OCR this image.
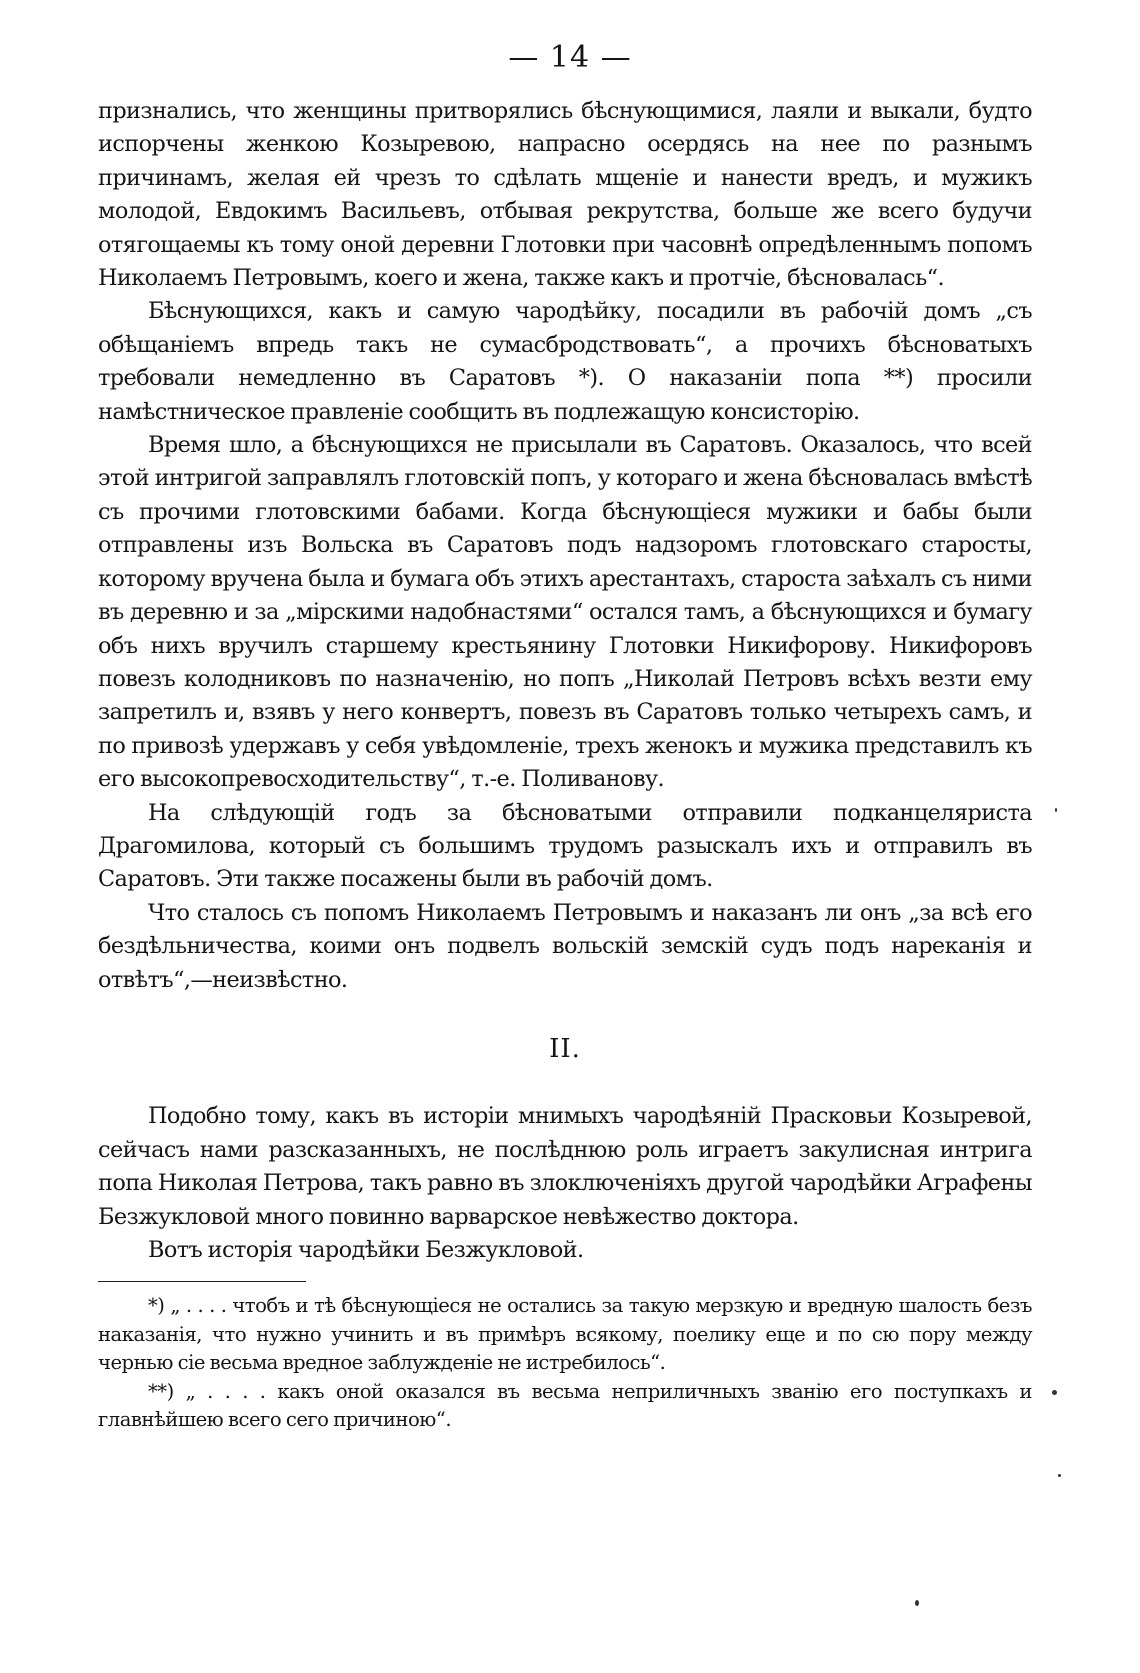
— 14 —

признались, что женщины притворялись бѣснующимися, лаяли и выкали, будто испорчены женкою Козыревою, напрасно осердясь на нее по разнымъ причинамъ, желая ей чрезъ то сдѣлать мщеніе и нанести вредъ, и мужикъ молодой, Евдокимъ Васильевъ, отбывая рекрутства, больше же всего будучи отягощаемы къ тому оной деревни Глотовки при часовнѣ опредѣленнымъ попомъ Николаемъ Петровымъ, коего и жена, также какъ и протчіе, бѣсновалась“.

Бѣснующихся, какъ и самую чародѣйку, посадили въ рабочій домъ „съ обѣщаніемъ впредь такъ не сумасбродствовать“, а прочихъ бѣсноватыхъ требовали немедленно въ Саратовъ *). О наказаніи попа **) просили намѣстническое правленіе сообщить въ подлежащую консисторію.

Время шло, а бѣснующихся не присылали въ Саратовъ. Оказалось, что всей этой интригой заправлялъ глотовскій попъ, у котораго и жена бѣсновалась вмѣстѣ съ прочими глотовскими бабами. Когда бѣснующіеся мужики и бабы были отправлены изъ Вольска въ Саратовъ подъ надзоромъ глотовскаго старосты, которому вручена была и бумага объ этихъ арестантахъ, староста заѣхалъ съ ними въ деревню и за „мірскими надобнастями“ остался тамъ, а бѣснующихся и бумагу объ нихъ вручилъ старшему крестьянину Глотовки Никифорову. Никифоровъ повезъ колодниковъ по назначенію, но попъ „Николай Петровъ всѣхъ везти ему запретилъ и, взявъ у него конвертъ, повезъ въ Саратовъ только четырехъ самъ, и по привозѣ удержавъ у себя увѣдомленіе, трехъ женокъ и мужика представилъ къ его высокопревосходительству“, т.-е. Поливанову.

На слѣдующій годъ за бѣсноватыми отправили подканцеляриста Драгомилова, который съ большимъ трудомъ разыскалъ ихъ и отправилъ въ Саратовъ. Эти также посажены были въ рабочій домъ.

Что сталось съ попомъ Николаемъ Петровымъ и наказанъ ли онъ „за всѣ его бездѣльничества, коими онъ подвелъ вольскій земскій судъ подъ нареканія и отвѣтъ“,—неизвѣстно.

II.

Подобно тому, какъ въ исторіи мнимыхъ чародѣяній Прасковьи Козыревой, сейчасъ нами разсказанныхъ, не послѣднюю роль играетъ закулисная интрига попа Николая Петрова, такъ равно въ злоключеніяхъ другой чародѣйки Аграфены Безжукловой много повинно варварское невѣжество доктора.

Вотъ исторія чародѣйки Безжукловой.

*) „ . . . . чтобъ и тѣ бѣснующіеся не остались за такую мерзкую и вредную шалость безъ наказанія, что нужно учинить и въ примѣръ всякому, поелику еще и по сю пору между чернью сіе весьма вредное заблужденіе не истребилось“.

**) „ . . . . какъ оной оказался въ весьма неприличныхъ званію его поступкахъ и главнѣйшею всего сего причиною“.
